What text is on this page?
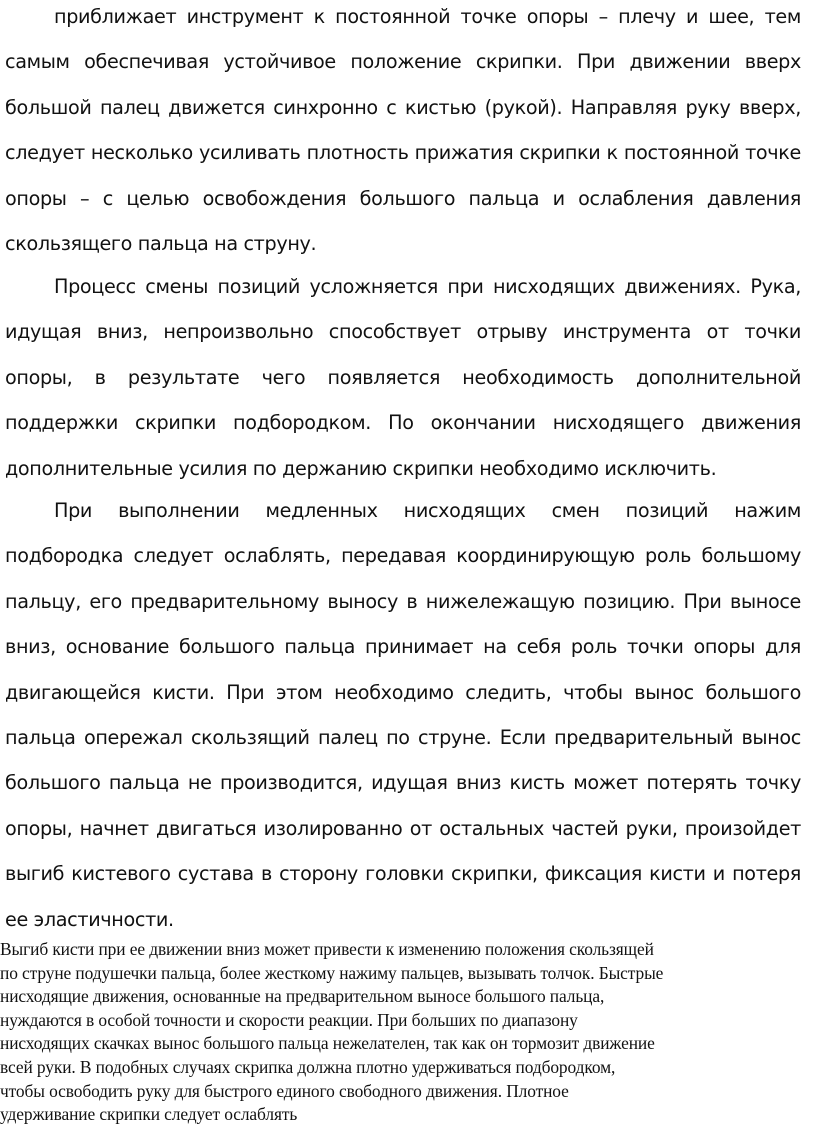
приближает инструмент к постоянной точке опоры – плечу и шее, тем самым обеспечивая устойчивое положение скрипки. При движении вверх большой палец движется синхронно с кистью (рукой). Направляя руку вверх, следует несколько усиливать плотность прижатия скрипки к постоянной точке опоры – с целью освобождения большого пальца и ослабления давления скользящего пальца на струну.

Процесс смены позиций усложняется при нисходящих движениях. Рука, идущая вниз, непроизвольно способствует отрыву инструмента от точки опоры, в результате чего появляется необходимость дополнительной поддержки скрипки подбородком. По окончании нисходящего движения дополнительные усилия по держанию скрипки необходимо исключить.

При выполнении медленных нисходящих смен позиций нажим подбородка следует ослаблять, передавая координирующую роль большому пальцу, его предварительному выносу в нижележащую позицию. При выносе вниз, основание большого пальца принимает на себя роль точки опоры для двигающейся кисти. При этом необходимо следить, чтобы вынос большого пальца опережал скользящий палец по струне. Если предварительный вынос большого пальца не производится, идущая вниз кисть может потерять точку опоры, начнет двигаться изолированно от остальных частей руки, произойдет выгиб кистевого сустава в сторону головки скрипки, фиксация кисти и потеря ее эластичности.

Выгиб кисти при ее движении вниз может привести к изменению положения скользящей
по струне подушечки пальца, более жесткому нажиму пальцев, вызывать толчок. Быстрые
нисходящие движения, основанные на предварительном выносе большого пальца,
нуждаются в особой точности и скорости реакции. При больших по диапазону
нисходящих скачках вынос большого пальца нежелателен, так как он тормозит движение
всей руки. В подобных случаях скрипка должна плотно удерживаться подбородком,
чтобы освободить руку для быстрого единого свободного движения. Плотное
удерживание скрипки следует ослаблять
